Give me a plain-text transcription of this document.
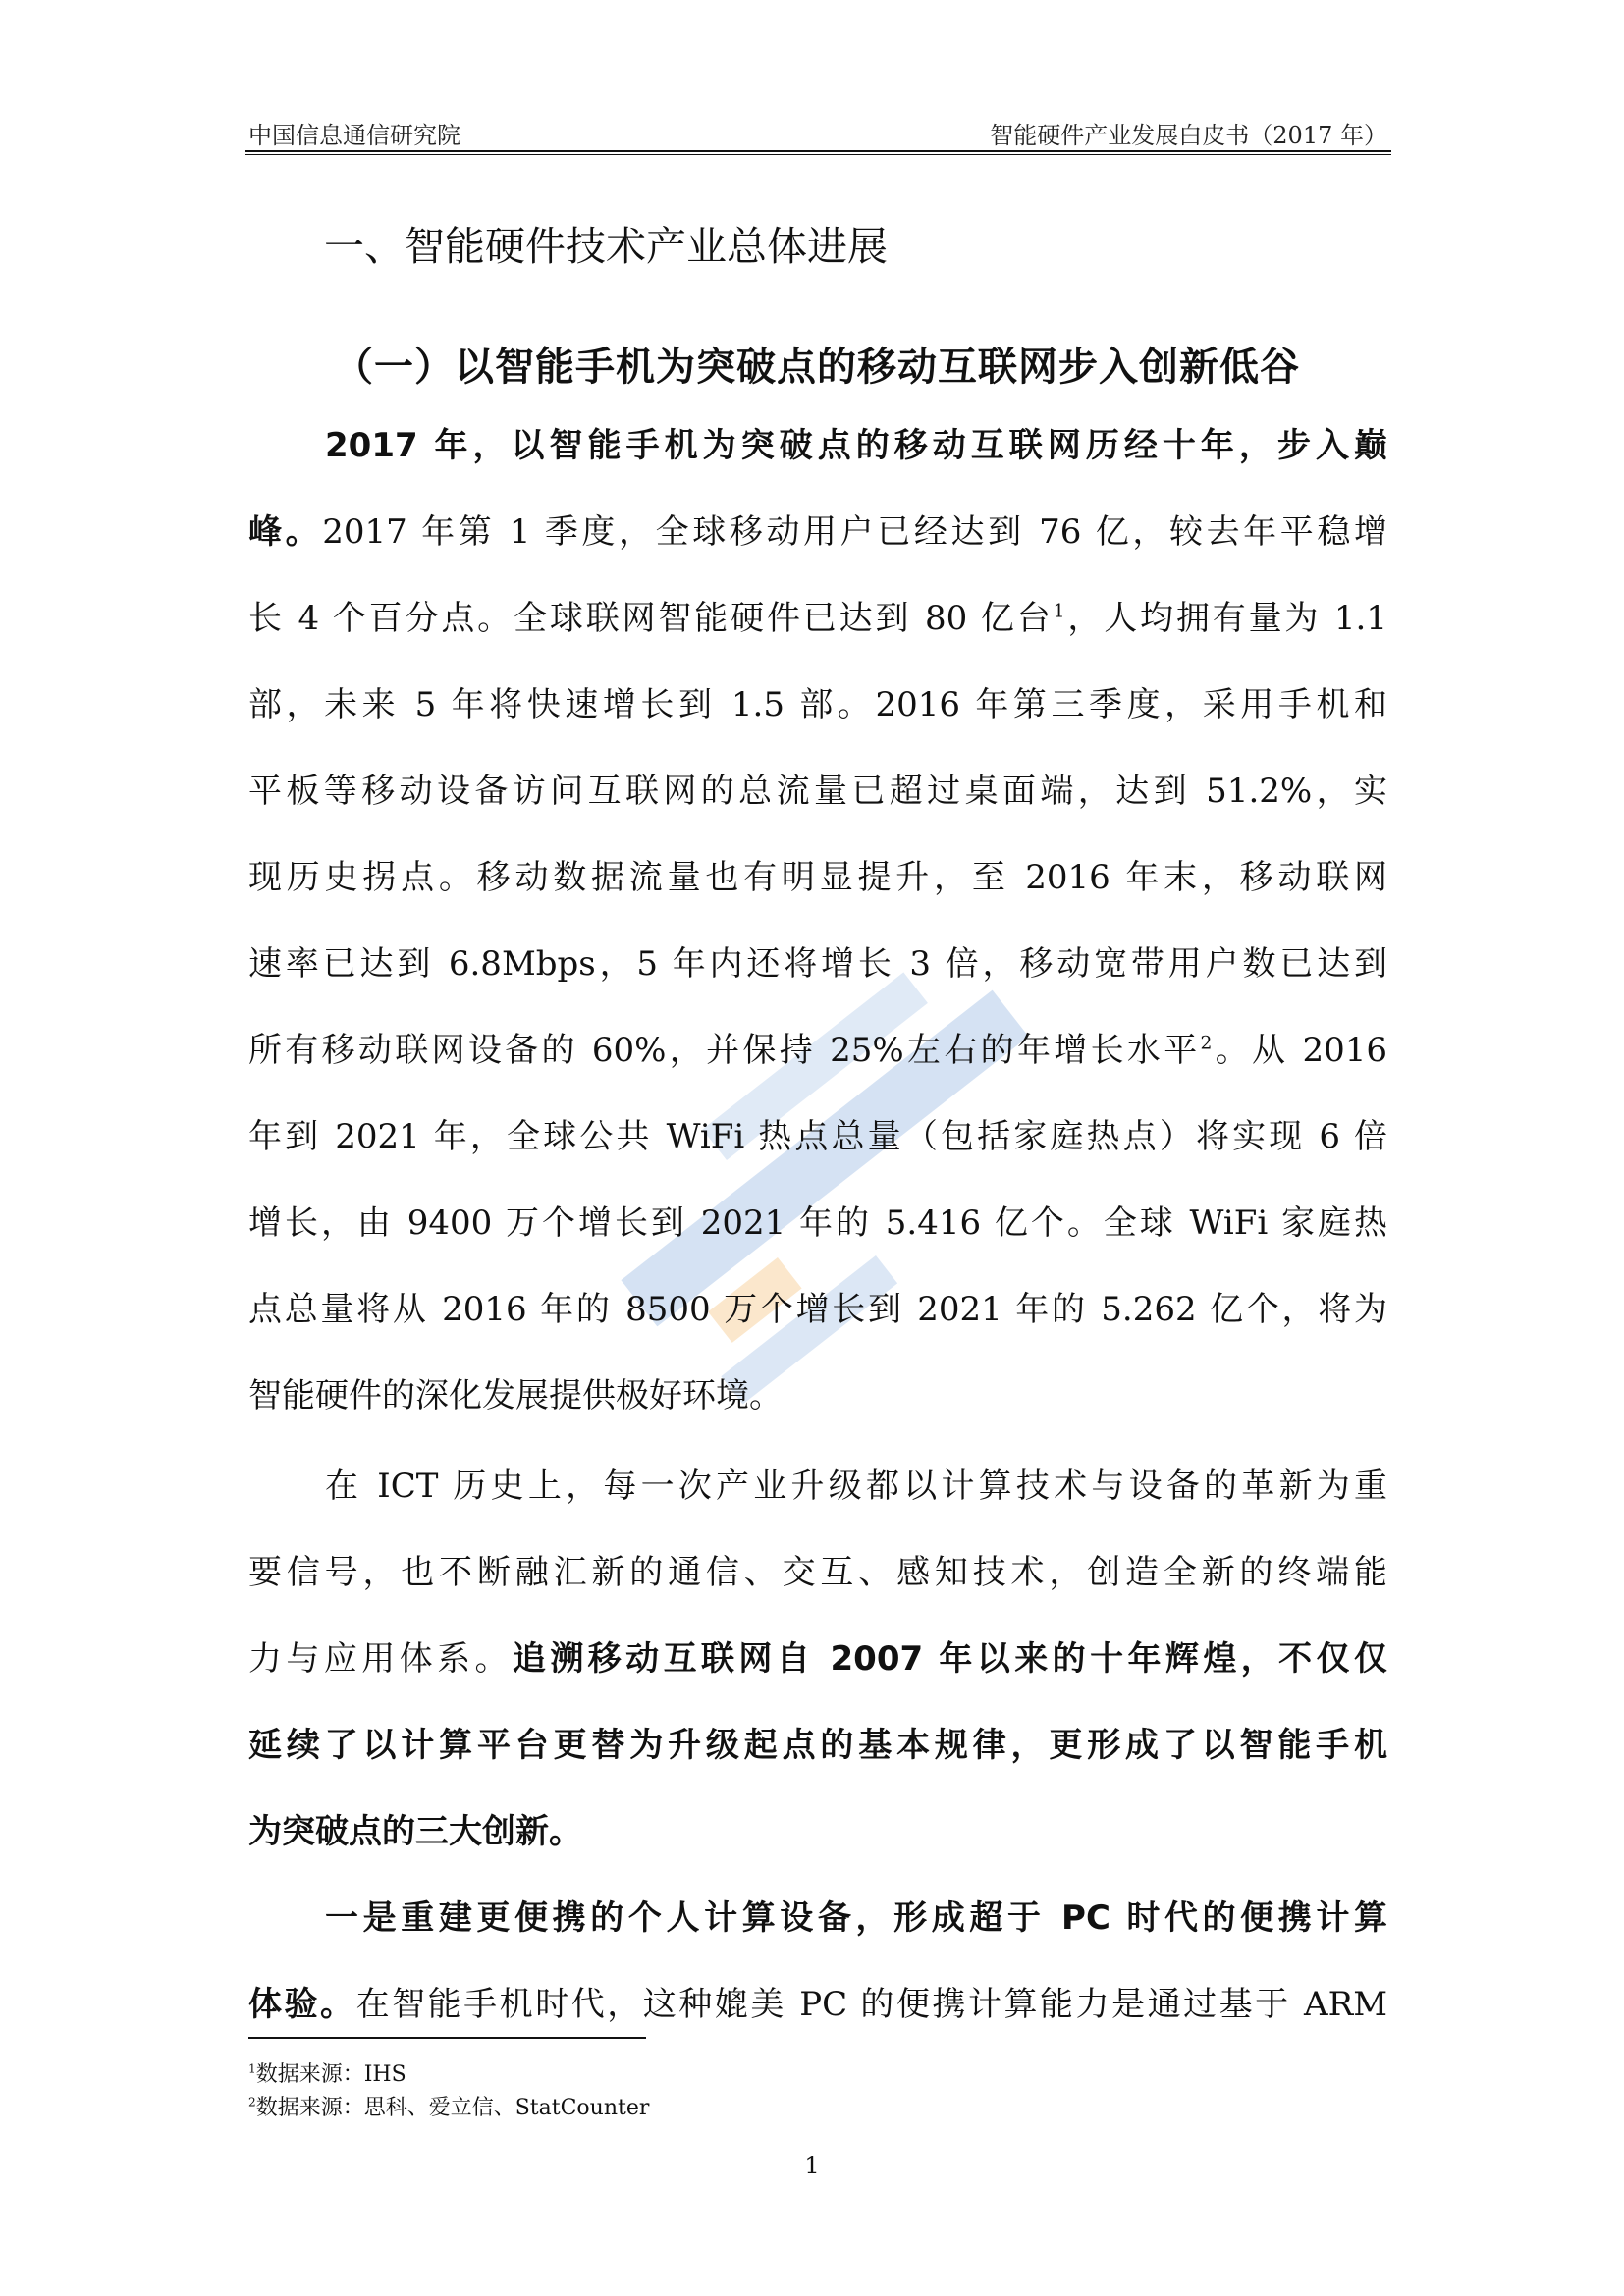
中国信息通信研究院	智能硬件产业发展白皮书（2017 年）
一、智能硬件技术产业总体进展
（一）以智能手机为突破点的移动互联网步入创新低谷
2017 年，以智能手机为突破点的移动互联网历经十年，步入巅
峰。2017 年第 1 季度，全球移动用户已经达到 76 亿，较去年平稳增
长 4 个百分点。全球联网智能硬件已达到 80 亿台$^1$，人均拥有量为 1.1
部，未来 5 年将快速增长到 1.5 部。2016 年第三季度，采用手机和
平板等移动设备访问互联网的总流量已超过桌面端，达到 51.2%，实
现历史拐点。移动数据流量也有明显提升，至 2016 年末，移动联网
速率已达到 6.8Mbps，5 年内还将增长 3 倍，移动宽带用户数已达到
所有移动联网设备的 60%，并保持 25%左右的年增长水平$^2$。从 2016
年到 2021 年，全球公共 WiFi 热点总量（包括家庭热点）将实现 6 倍
增长，由 9400 万个增长到 2021 年的 5.416 亿个。全球 WiFi 家庭热
点总量将从 2016 年的 8500 万个增长到 2021 年的 5.262 亿个，将为
智能硬件的深化发展提供极好环境。
在 ICT 历史上，每一次产业升级都以计算技术与设备的革新为重
要信号，也不断融汇新的通信、交互、感知技术，创造全新的终端能
力与应用体系。追溯移动互联网自 2007 年以来的十年辉煌，不仅仅
延续了以计算平台更替为升级起点的基本规律，更形成了以智能手机
为突破点的三大创新。
一是重建更便携的个人计算设备，形成超于 PC 时代的便携计算
体验。在智能手机时代，这种媲美 PC 的便携计算能力是通过基于 ARM
$^1$数据来源：IHS
$^2$数据来源：思科、爱立信、StatCounter
1
